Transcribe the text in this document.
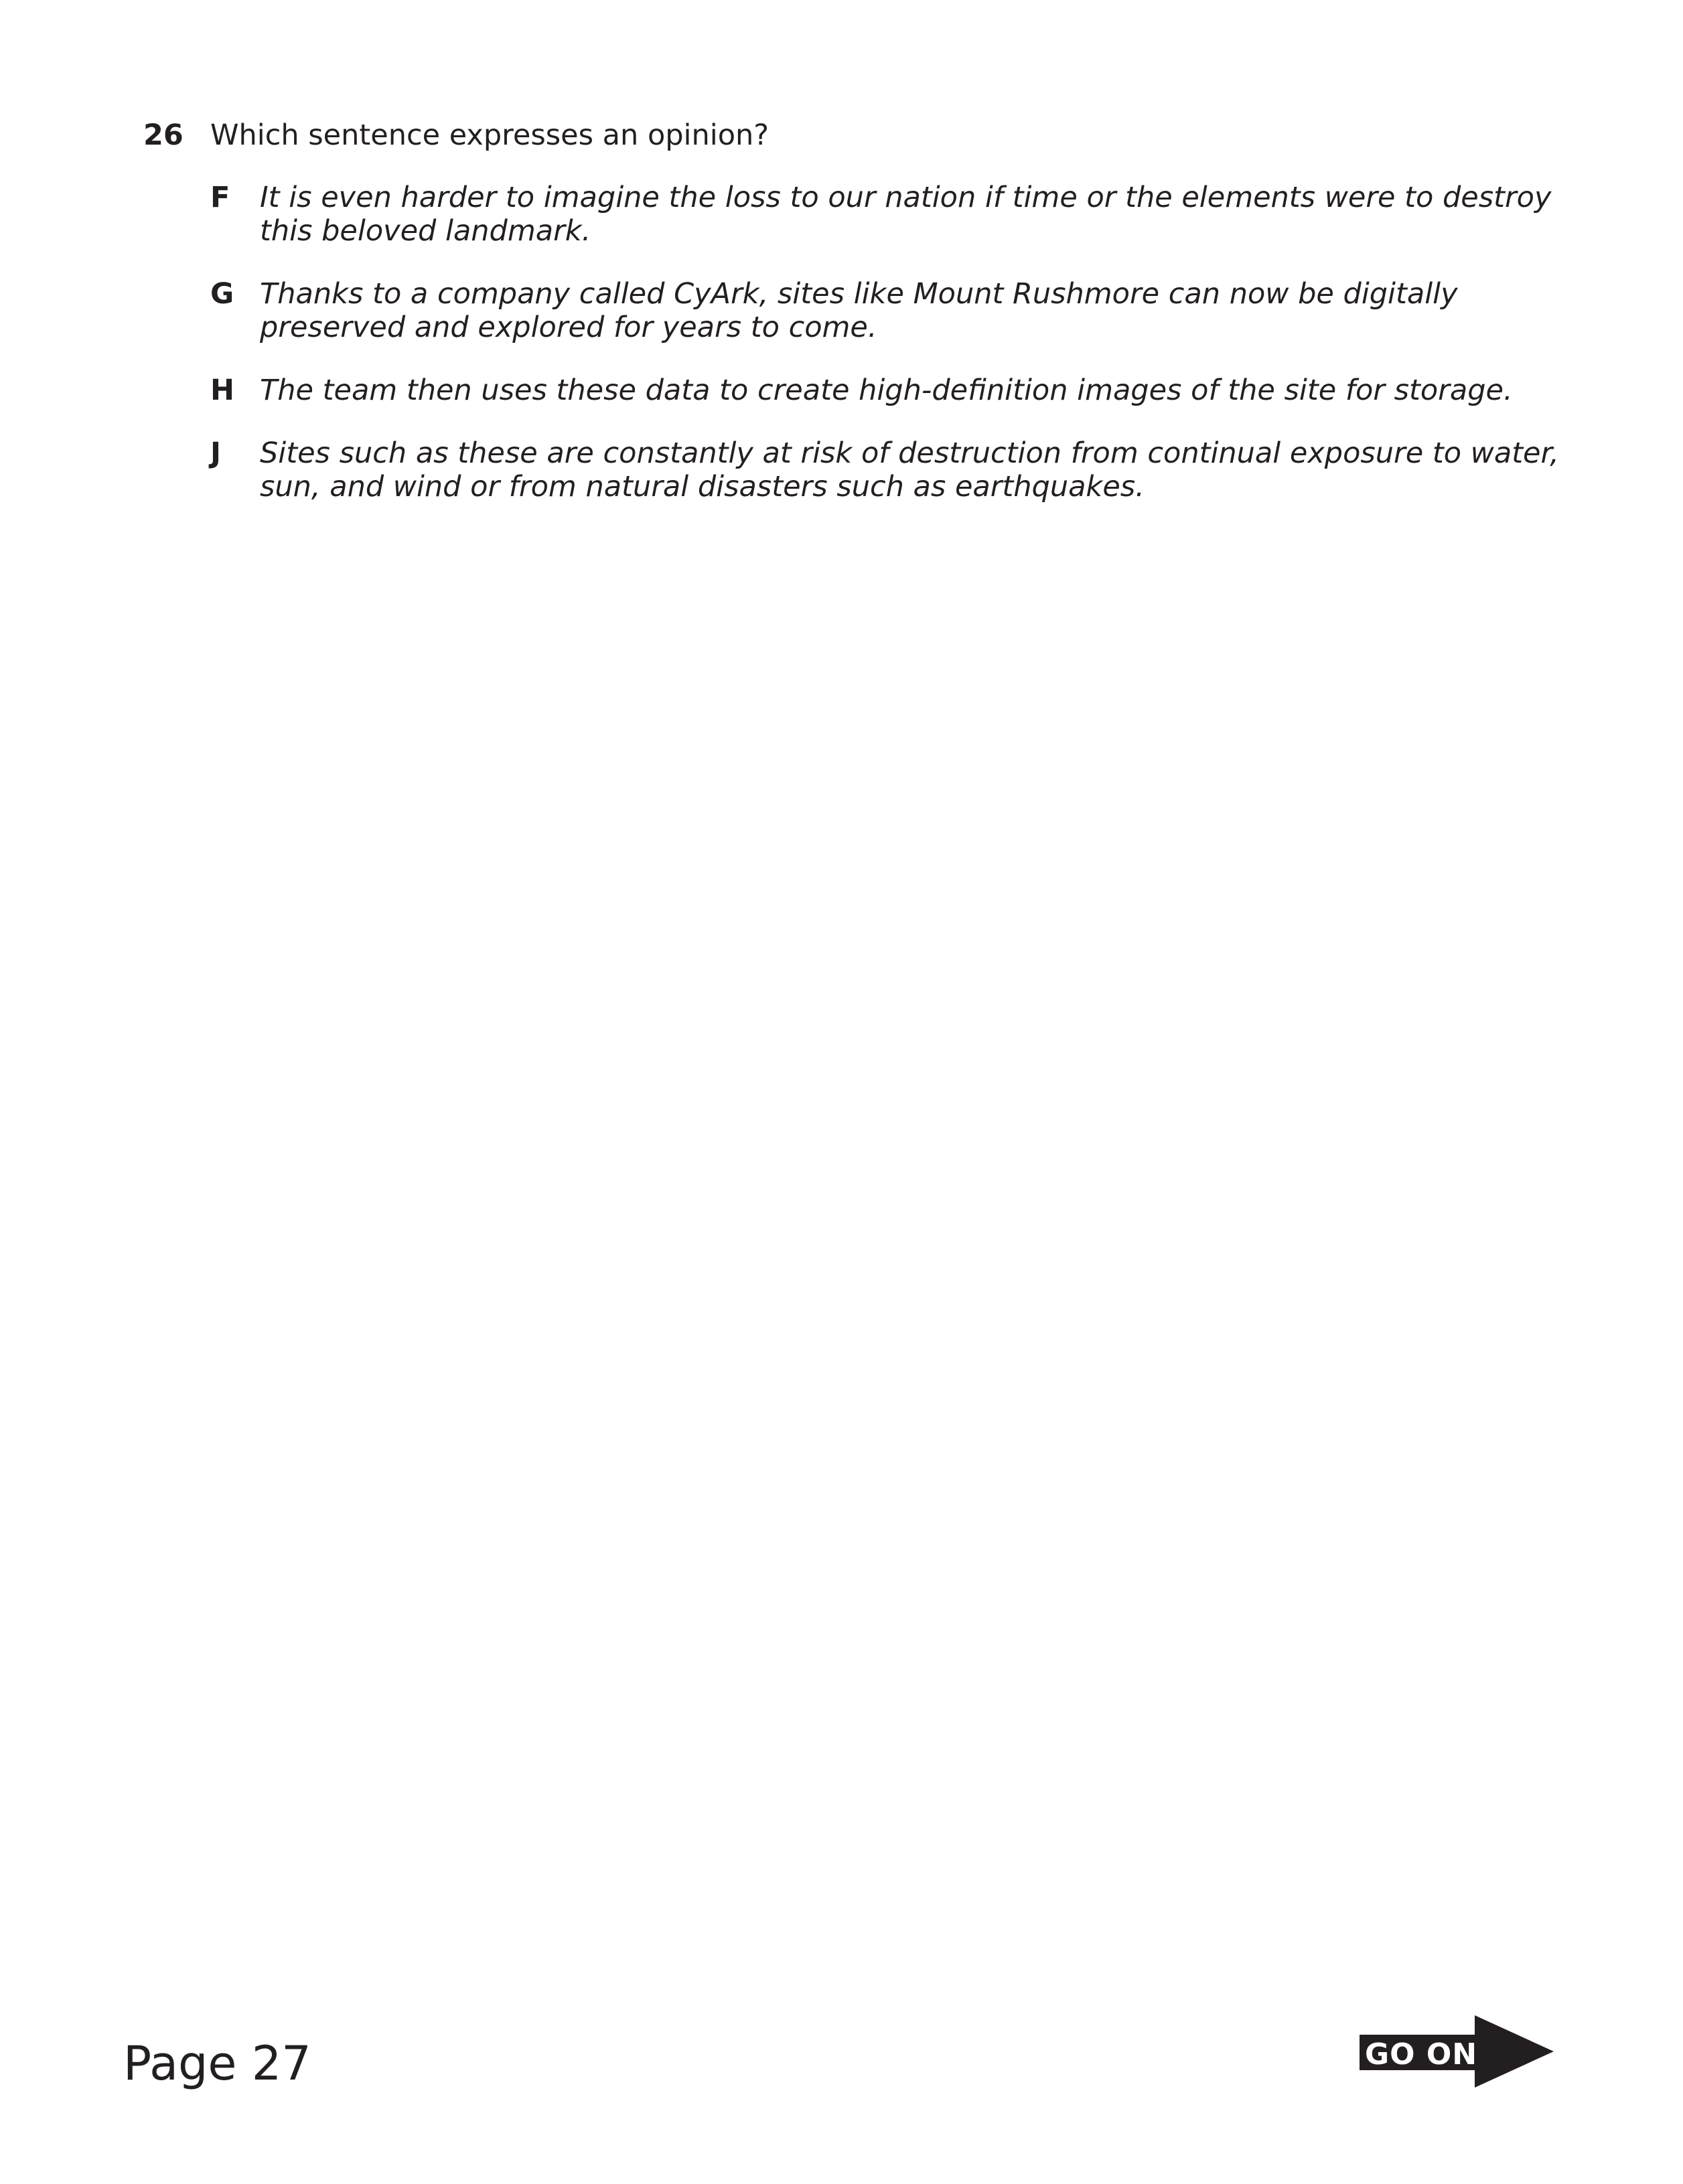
26 Which sentence expresses an opinion?
F	It is even harder to imagine the loss to our nation if time or the elements were to destroy this beloved landmark.
G Thanks to a company called CyArk, sites like Mount Rushmore can now be digitally preserved and explored for years to come.
H The team then uses these data to create high-definition images of the site for storage.
J	Sites such as these are constantly at risk of destruction from continual exposure to water, sun, and wind or from natural disasters such as earthquakes.
Page 27	GO ON
